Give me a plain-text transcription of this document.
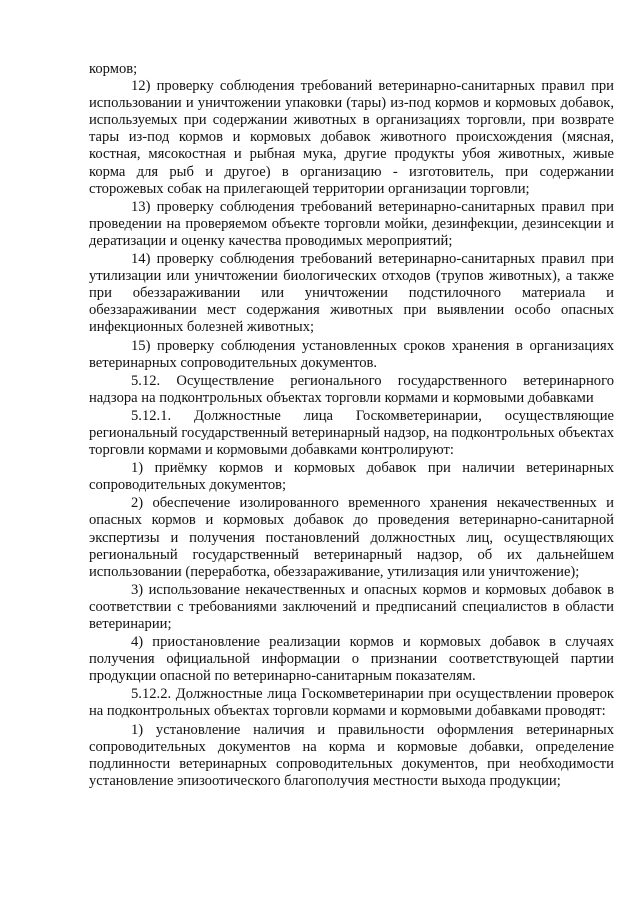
кормов;

12) проверку соблюдения требований ветеринарно-санитарных правил при использовании и уничтожении упаковки (тары) из-под кормов и кормовых добавок, используемых при содержании животных в организациях торговли, при возврате тары из-под кормов и кормовых добавок животного происхождения (мясная, костная, мясокостная и рыбная мука, другие продукты убоя животных, живые корма для рыб и другое) в организацию - изготовитель, при содержании сторожевых собак на прилегающей территории организации торговли;

13) проверку соблюдения требований ветеринарно-санитарных правил при проведении на проверяемом объекте торговли мойки, дезинфекции, дезинсекции и дератизации и оценку качества проводимых мероприятий;

14) проверку соблюдения требований ветеринарно-санитарных правил при утилизации или уничтожении биологических отходов (трупов животных), а также при обеззараживании или уничтожении подстилочного материала и обеззараживании мест содержания животных при выявлении особо опасных инфекционных болезней животных;

15) проверку соблюдения установленных сроков хранения в организациях ветеринарных сопроводительных документов.

5.12. Осуществление регионального государственного ветеринарного надзора на подконтрольных объектах торговли кормами и кормовыми добавками

5.12.1. Должностные лица Госкомветеринарии, осуществляющие региональный государственный ветеринарный надзор, на подконтрольных объектах торговли кормами и кормовыми добавками контролируют:

1) приёмку кормов и кормовых добавок при наличии ветеринарных сопроводительных документов;

2) обеспечение изолированного временного хранения некачественных и опасных кормов и кормовых добавок до проведения ветеринарно-санитарной экспертизы и получения постановлений должностных лиц, осуществляющих региональный государственный ветеринарный надзор, об их дальнейшем использовании (переработка, обеззараживание, утилизация или уничтожение);

3) использование некачественных и опасных кормов и кормовых добавок в соответствии с требованиями заключений и предписаний специалистов в области ветеринарии;

4) приостановление реализации кормов и кормовых добавок в случаях получения официальной информации о признании соответствующей партии продукции опасной по ветеринарно-санитарным показателям.

5.12.2. Должностные лица Госкомветеринарии при осуществлении проверок на подконтрольных объектах торговли кормами и кормовыми добавками проводят:

1) установление наличия и правильности оформления ветеринарных сопроводительных документов на корма и кормовые добавки, определение подлинности ветеринарных сопроводительных документов, при необходимости установление эпизоотического благополучия местности выхода продукции;
